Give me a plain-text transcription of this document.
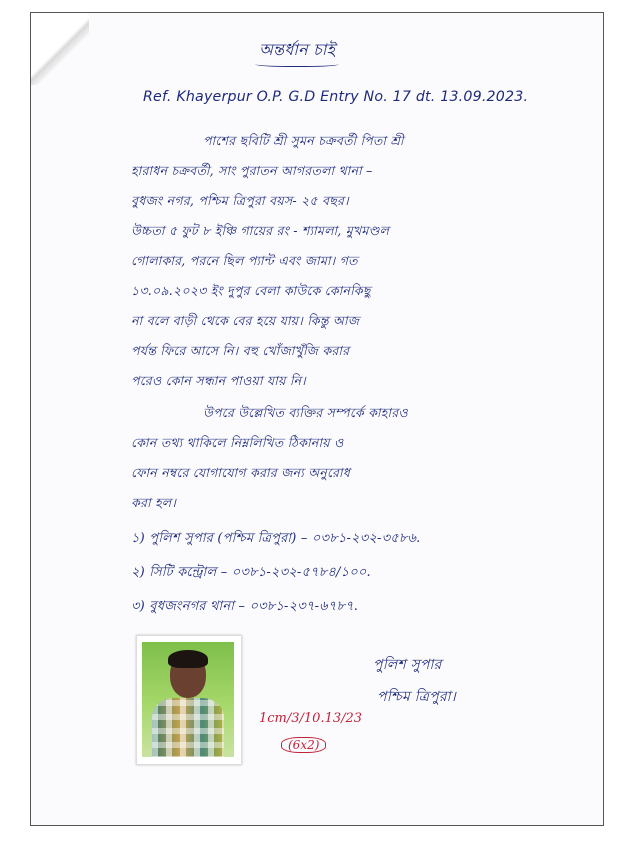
অন্তর্ধান চাই

Ref. Khayerpur O.P. G.D Entry No. 17 dt. 13.09.2023.

পাশের ছবিটি শ্রী সুমন চক্রবর্তী পিতা শ্রী

হারাধন চক্রবর্তী, সাং পুরাতন আগরতলা থানা –

বুধজং নগর, পশ্চিম ত্রিপুরা বয়স- ২৫ বছর।

উচ্চতা ৫ ফুট ৮ ইঞ্চি গায়ের রং - শ্যামলা, মুখমণ্ডল

গোলাকার, পরনে ছিল প্যান্ট এবং জামা। গত

১৩.০৯.২০২৩ ইং দুপুর বেলা কাউকে কোনকিছু

না বলে বাড়ী থেকে বের হয়ে যায়। কিন্তু আজ

পর্যন্ত ফিরে আসে নি। বহু খোঁজাখুঁজি করার

পরেও কোন সন্ধান পাওয়া যায় নি।

উপরে উল্লেখিত ব্যক্তির সম্পর্কে কাহারও

কোন তথ্য থাকিলে নিম্নলিখিত ঠিকানায় ও

ফোন নম্বরে যোগাযোগ করার জন্য অনুরোধ

করা হল।

১) পুলিশ সুপার (পশ্চিম ত্রিপুরা) – ০৩৮১-২৩২-৩৫৮৬.

২) সিটি কন্ট্রোল – ০৩৮১-২৩২-৫৭৮৪/১০০.

৩) বুধজংনগর থানা – ০৩৮১-২৩৭-৬৭৮৭.

পুলিশ সুপার

পশ্চিম ত্রিপুরা।

1cm/3/10.13/23
(6x2)
